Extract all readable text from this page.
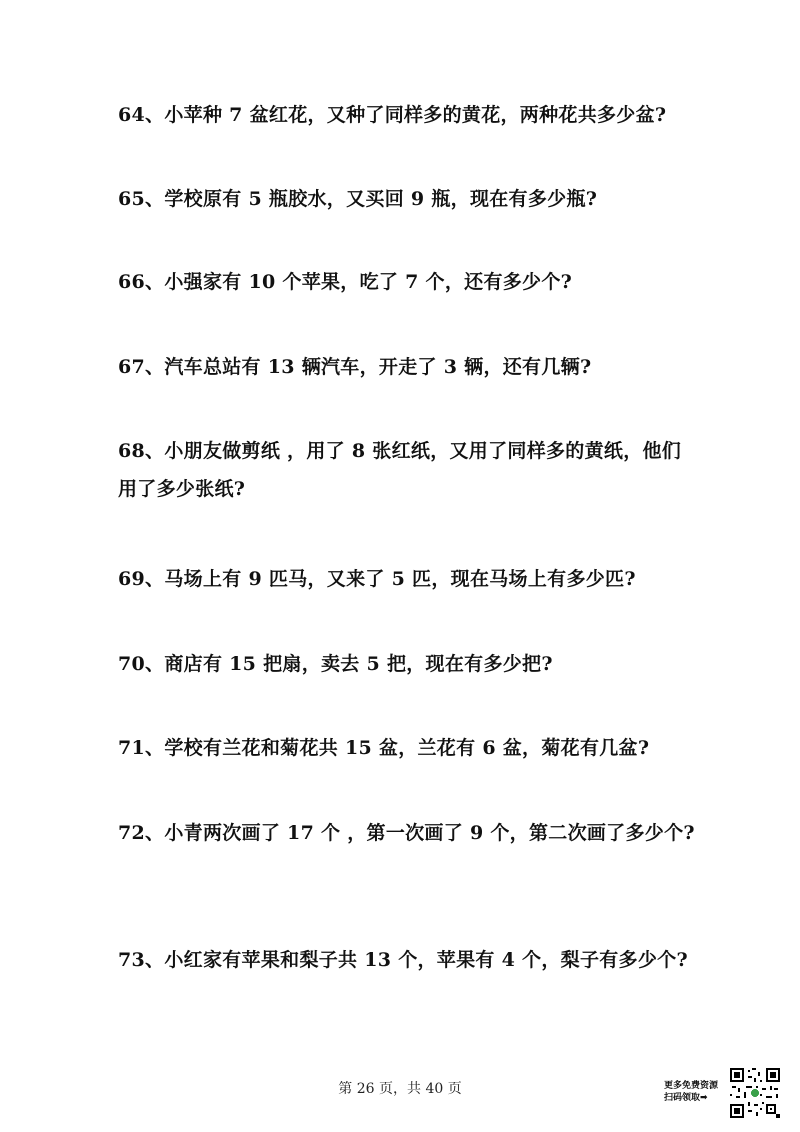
64、小苹种 7 盆红花，又种了同样多的黄花，两种花共多少盆?
65、学校原有 5 瓶胶水，又买回 9 瓶，现在有多少瓶?
66、小强家有 10 个苹果，吃了 7 个，还有多少个?
67、汽车总站有 13 辆汽车，开走了 3 辆，还有几辆?
68、小朋友做剪纸 ，用了 8 张红纸，又用了同样多的黄纸，他们用了多少张纸?
69、马场上有 9 匹马，又来了 5 匹，现在马场上有多少匹?
70、商店有 15 把扇，卖去 5 把，现在有多少把?
71、学校有兰花和菊花共 15 盆，兰花有 6 盆，菊花有几盆?
72、小青两次画了 17 个 ，第一次画了 9 个，第二次画了多少个?
73、小红家有苹果和梨子共 13 个，苹果有 4 个，梨子有多少个?
第 26 页，共 40 页	更多免费资源
扫码领取➡
